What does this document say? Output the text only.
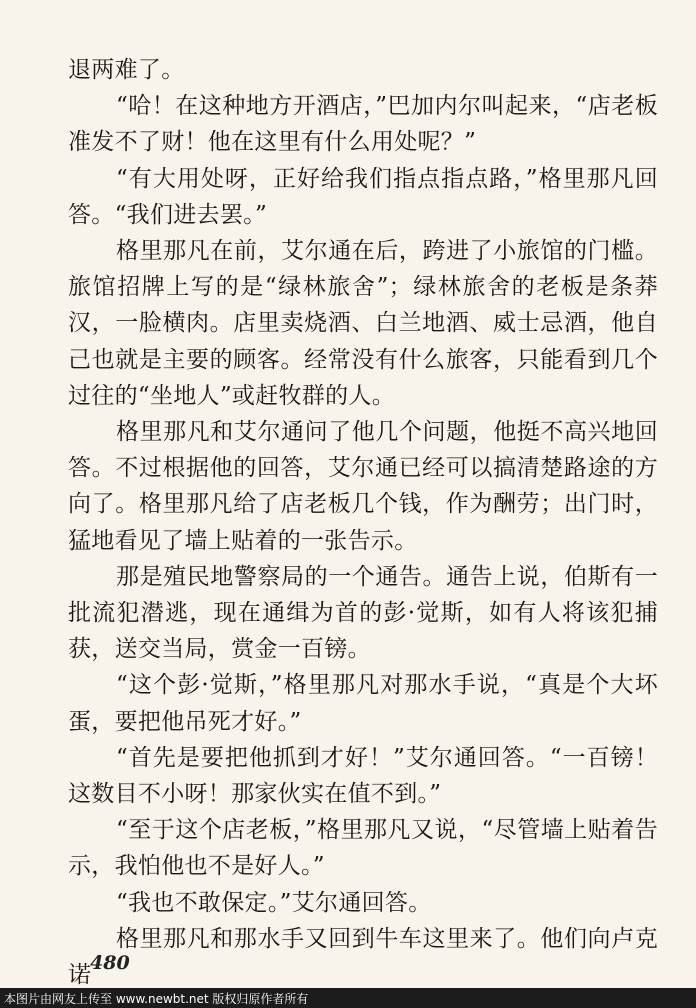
退两难了。

“哈！在这种地方开酒店，”巴加内尔叫起来，“店老板准发不了财！他在这里有什么用处呢？”

“有大用处呀，正好给我们指点指点路，”格里那凡回答。“我们进去罢。”

格里那凡在前，艾尔通在后，跨进了小旅馆的门槛。旅馆招牌上写的是“绿林旅舍”；绿林旅舍的老板是条莽汉，一脸横肉。店里卖烧酒、白兰地酒、威士忌酒，他自己也就是主要的顾客。经常没有什么旅客，只能看到几个过往的“坐地人”或赶牧群的人。

格里那凡和艾尔通问了他几个问题，他挺不高兴地回答。不过根据他的回答，艾尔通已经可以搞清楚路途的方向了。格里那凡给了店老板几个钱，作为酬劳；出门时，猛地看见了墙上贴着的一张告示。

那是殖民地警察局的一个通告。通告上说，伯斯有一批流犯潜逃，现在通缉为首的彭·觉斯，如有人将该犯捕获，送交当局，赏金一百镑。

“这个彭·觉斯，”格里那凡对那水手说，“真是个大坏蛋，要把他吊死才好。”

“首先是要把他抓到才好！”艾尔通回答。“一百镑！这数目不小呀！那家伙实在值不到。”

“至于这个店老板，”格里那凡又说，“尽管墙上贴着告示，我怕他也不是好人。”

“我也不敢保定。”艾尔通回答。

格里那凡和那水手又回到牛车这里来了。他们向卢克诺

480
本图片由网友上传至 www.newbt.net 版权归原作者所有
